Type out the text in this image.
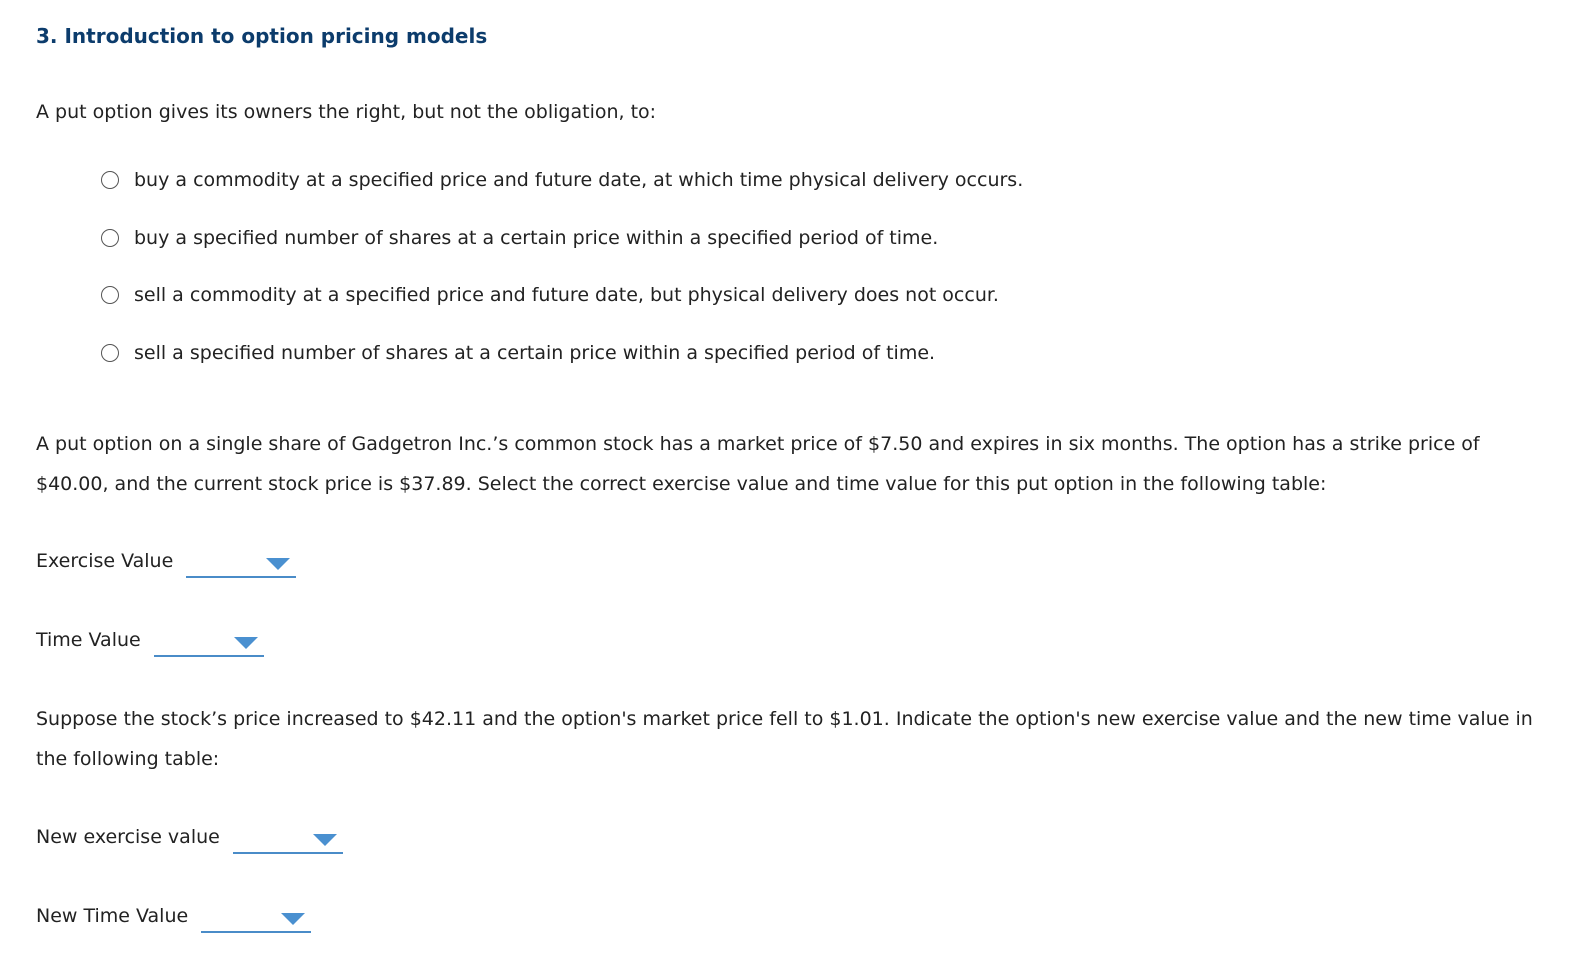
3. Introduction to option pricing models

A put option gives its owners the right, but not the obligation, to:

buy a commodity at a specified price and future date, at which time physical delivery occurs.
buy a specified number of shares at a certain price within a specified period of time.
sell a commodity at a specified price and future date, but physical delivery does not occur.
sell a specified number of shares at a certain price within a specified period of time.

A put option on a single share of Gadgetron Inc.’s common stock has a market price of $7.50 and expires in six months. The option has a strike price of $40.00, and the current stock price is $37.89. Select the correct exercise value and time value for this put option in the following table:

Exercise Value
Time Value

Suppose the stock’s price increased to $42.11 and the option's market price fell to $1.01. Indicate the option's new exercise value and the new time value in the following table:

New exercise value
New Time Value
